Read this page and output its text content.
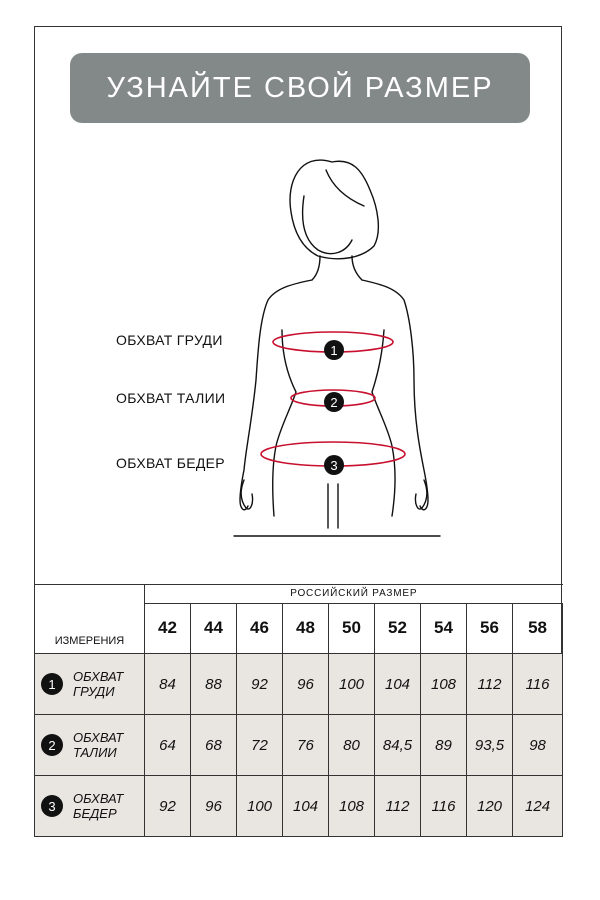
УЗНАЙТЕ СВОЙ РАЗМЕР
1
2
3
ОБХВАТ ГРУДИ
ОБХВАТ ТАЛИИ
ОБХВАТ БЕДЕР
ИЗМЕРЕНИЯ	РОССИЙСКИЙ РАЗМЕР								
	42	44	46	48	50	52	54	56	58

1 ОБХВАТ
ГРУДИ	84	88	92	96	100	104	108	112	116

2 ОБХВАТ
ТАЛИИ	64	68	72	76	80	84,5	89	93,5	98

3 ОБХВАТ
БЕДЕР	92	96	100	104	108	112	116	120	124
